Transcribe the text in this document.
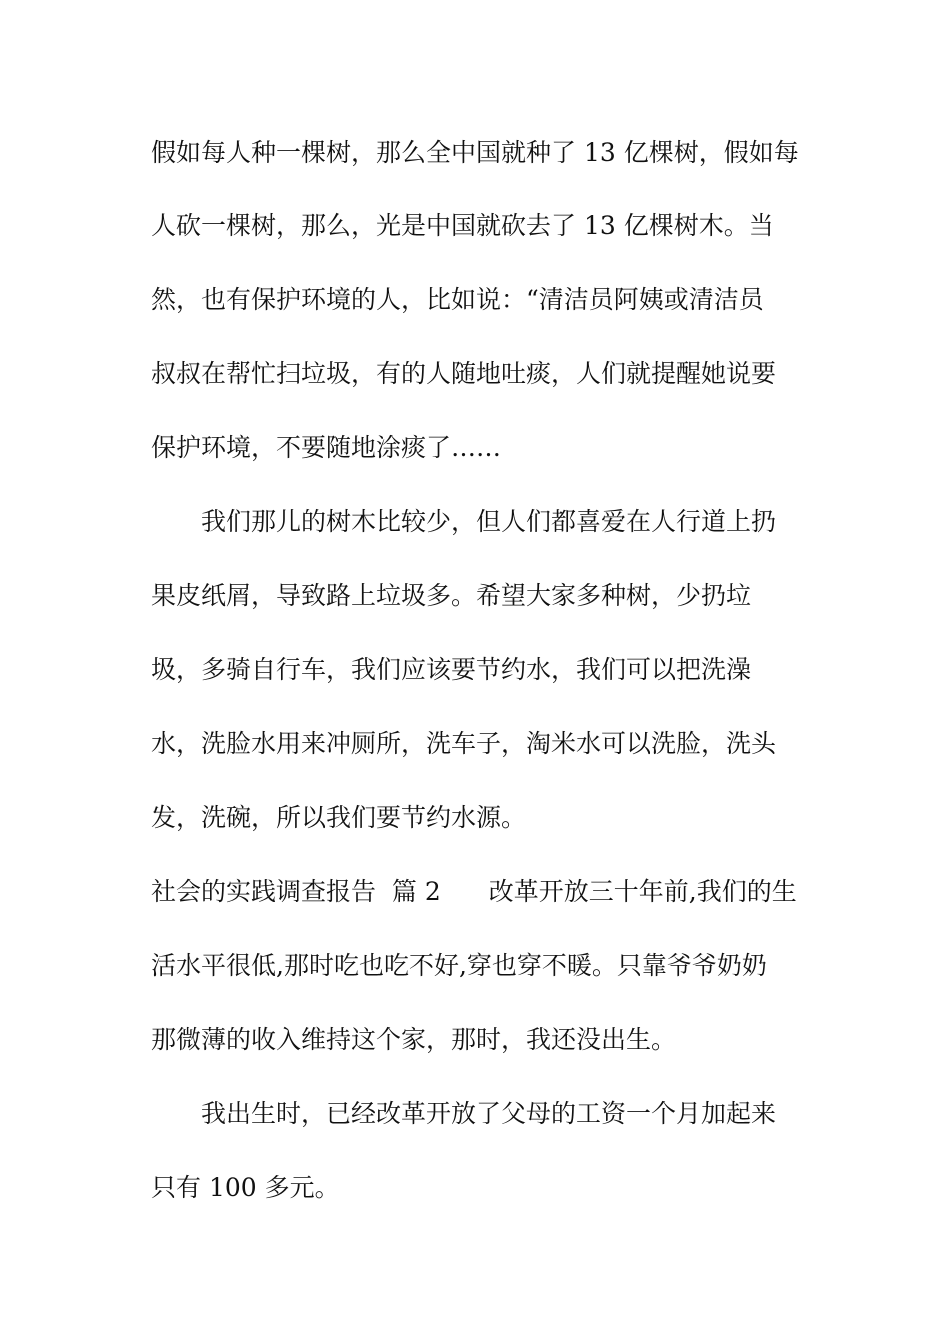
假如每人种一棵树，那么全中国就种了 13 亿棵树，假如每
人砍一棵树，那么，光是中国就砍去了 13 亿棵树木。当
然，也有保护环境的人，比如说：“清洁员阿姨或清洁员
叔叔在帮忙扫垃圾，有的人随地吐痰，人们就提醒她说要
保护环境，不要随地涂痰了……
我们那儿的树木比较少，但人们都喜爱在人行道上扔
果皮纸屑，导致路上垃圾多。希望大家多种树，少扔垃
圾，多骑自行车，我们应该要节约水，我们可以把洗澡
水，洗脸水用来冲厕所，洗车子，淘米水可以洗脸，洗头
发，洗碗，所以我们要节约水源。
社会的实践调查报告  篇 2 改革开放三十年前,我们的生
活水平很低,那时吃也吃不好,穿也穿不暖。只靠爷爷奶奶
那微薄的收入维持这个家，那时，我还没出生。
我出生时，已经改革开放了父母的工资一个月加起来
只有 100 多元。
